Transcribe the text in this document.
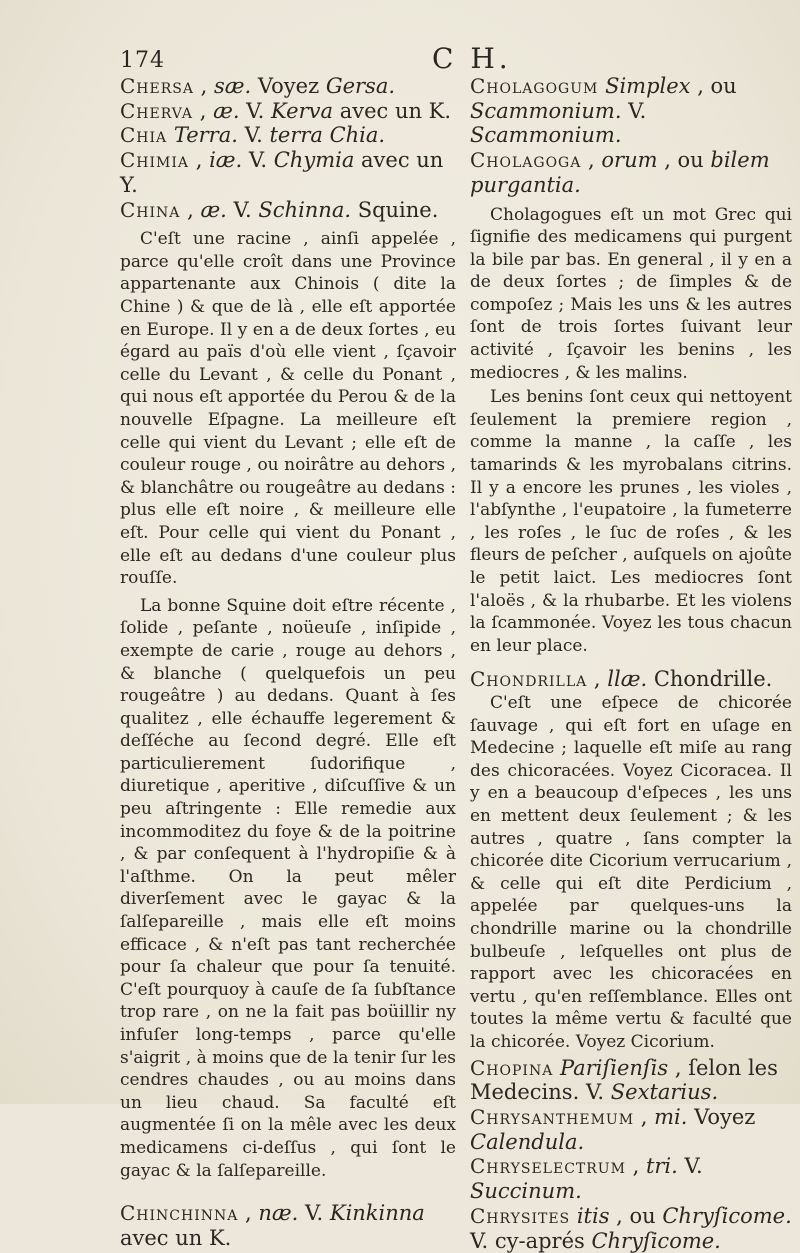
174	C H.
Chersa , sæ. Voyez Gersa.
Cherva , æ. V. Kerva avec un K.
Chia Terra. V. terra Chia.
Chimia , iæ. V. Chymia avec un Y.
China , æ. V. Schinna. Squine.

C'eſt une racine , ainſi appelée , parce qu'elle croît dans une Province appartenante aux Chinois ( dite la Chine ) & que de là , elle eſt apportée en Europe. Il y en a de deux ſortes , eu égard au païs d'où elle vient , ſçavoir celle du Levant , & celle du Ponant , qui nous eſt apportée du Perou & de la nouvelle Eſpagne. La meilleure eſt celle qui vient du Levant ; elle eſt de couleur rouge , ou noirâtre au dehors , & blanchâtre ou rougeâtre au dedans : plus elle eſt noire , & meilleure elle eſt. Pour celle qui vient du Ponant , elle eſt au dedans d'une couleur plus rouſſe.

La bonne Squine doit eſtre récente , ſolide , peſante , noüeuſe , inſipide , exempte de carie , rouge au dehors , & blanche ( quelquefois un peu rougeâtre ) au dedans. Quant à ſes qualitez , elle échauffe legerement & deſſéche au ſecond degré. Elle eſt particulierement ſudorifique , diuretique , aperitive , diſcuſſive & un peu aſtringente : Elle remedie aux incommoditez du foye & de la poitrine , & par conſequent à l'hydropiſie & à l'aſthme. On la peut mêler diverſement avec le gayac & la ſalſepareille , mais elle eſt moins efficace , & n'eſt pas tant recherchée pour ſa chaleur que pour ſa tenuité. C'eſt pourquoy à cauſe de ſa ſubſtance trop rare , on ne la fait pas boüillir ny infuſer long-temps , parce qu'elle s'aigrit , à moins que de la tenir ſur les cendres chaudes , ou au moins dans un lieu chaud. Sa faculté eſt augmentée ſi on la mêle avec les deux medicamens ci-deſſus , qui ſont le gayac & la ſalſepareille.

Chinchinna , næ. V. Kinkinna avec un K.
Cholagogum Simplex , ou Scammonium. V. Scammonium.
Cholagoga , orum , ou bilem purgantia.

Cholagogues eſt un mot Grec qui ſignifie des medicamens qui purgent la bile par bas. En general , il y en a de deux ſortes ; de ſimples & de compoſez ; Mais les uns & les autres ſont de trois ſortes ſuivant leur activité , ſçavoir les benins , les mediocres , & les malins.

Les benins ſont ceux qui nettoyent ſeulement la premiere region , comme la manne , la caſſe , les tamarinds & les myrobalans citrins. Il y a encore les prunes , les violes , l'abſynthe , l'eupatoire , la fumeterre , les roſes , le ſuc de roſes , & les fleurs de peſcher , auſquels on ajoûte le petit laict. Les mediocres ſont l'aloës , & la rhubarbe. Et les violens la ſcammonée. Voyez les tous chacun en leur place.

Chondrilla , llæ. Chondrille.

C'eſt une eſpece de chicorée ſauvage , qui eſt fort en uſage en Medecine ; laquelle eſt miſe au rang des chicoracées. Voyez Cicoracea. Il y en a beaucoup d'eſpeces , les uns en mettent deux ſeulement ; & les autres , quatre , ſans compter la chicorée dite Cicorium verrucarium , & celle qui eſt dite Perdicium , appelée par quelques-uns la chondrille marine ou la chondrille bulbeuſe , leſquelles ont plus de rapport avec les chicoracées en vertu , qu'en reſſemblance. Elles ont toutes la même vertu & faculté que la chicorée. Voyez Cicorium.

Chopina Pariſienſis , ſelon les Medecins. V. Sextarius.
Chrysanthemum , mi. Voyez Calendula.
Chryselectrum , tri. V. Succinum.
Chrysites itis , ou Chryſicome. V. cy-aprés Chryſicome.
